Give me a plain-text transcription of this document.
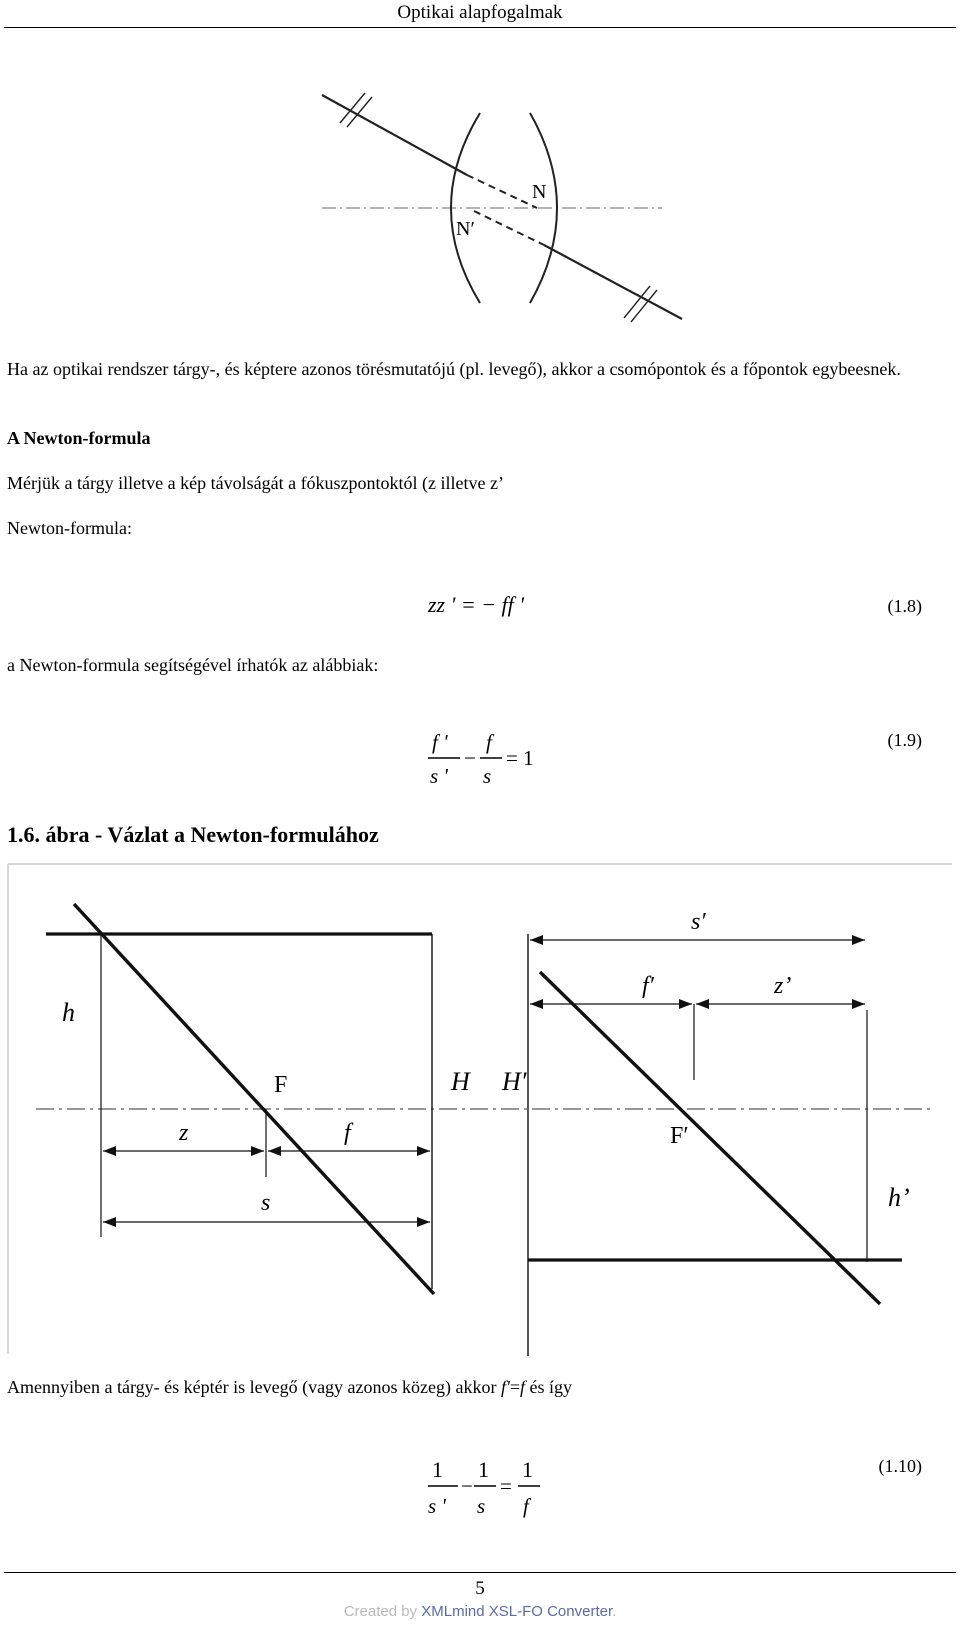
Optikai alapfogalmak
N
N′
Ha az optikai rendszer tárgy-, és képtere azonos törésmutatójú (pl. levegő), akkor a csomópontok és a főpontok egybeesnek.
A Newton-formula
Mérjük a tárgy illetve a kép távolságát a fókuszpontoktól (z illetve z’
Newton-formula:
zz ' = − ff '	(1.8)
a Newton-formula segítségével írhatók az alábbiak:
f '
s '
−
f
s
= 1
(1.9)
1.6. ábra - Vázlat a Newton-formulához
h
F	H H′
z	f
s
s′
f′	z’
F′
h’
Amennyiben a tárgy- és képtér is levegő (vagy azonos közeg) akkor f'=f és így
1
s '
−
1
s
=
1
f
(1.10)
5
Created by XMLmind XSL-FO Converter.
